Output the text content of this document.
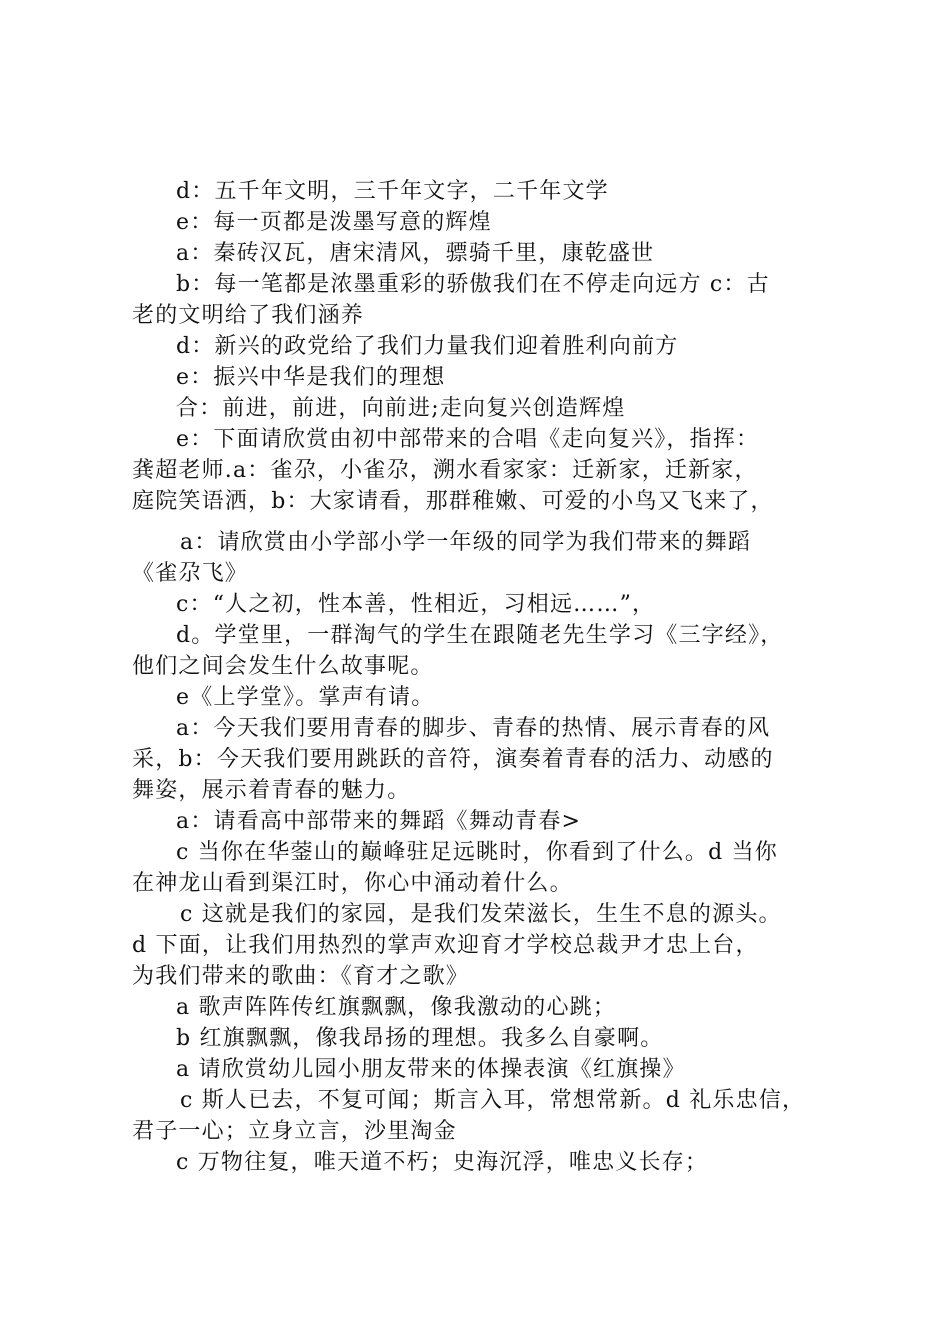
d：五千年文明，三千年文字，二千年文学
e：每一页都是泼墨写意的辉煌
a：秦砖汉瓦，唐宋清风，骠骑千里，康乾盛世
b：每一笔都是浓墨重彩的骄傲我们在不停走向远方 c：古
老的文明给了我们涵养
d：新兴的政党给了我们力量我们迎着胜利向前方
e：振兴中华是我们的理想
合：前进，前进，向前进;走向复兴创造辉煌
e：下面请欣赏由初中部带来的合唱《走向复兴》，指挥：
龚超老师.a：雀尕，小雀尕，溯水看家家：迁新家，迁新家，
庭院笑语洒，b：大家请看，那群稚嫩、可爱的小鸟又飞来了，
a：请欣赏由小学部小学一年级的同学为我们带来的舞蹈
《雀尕飞》
c：“人之初，性本善，性相近，习相远……”，
d。学堂里，一群淘气的学生在跟随老先生学习《三字经》，
他们之间会发生什么故事呢。
e《上学堂》。掌声有请。
a：今天我们要用青春的脚步、青春的热情、展示青春的风
采，b：今天我们要用跳跃的音符，演奏着青春的活力、动感的
舞姿，展示着青春的魅力。
a：请看高中部带来的舞蹈《舞动青春>
c 当你在华蓥山的巅峰驻足远眺时，你看到了什么。d 当你
在神龙山看到渠江时，你心中涌动着什么。
c 这就是我们的家园，是我们发荣滋长，生生不息的源头。
d 下面，让我们用热烈的掌声欢迎育才学校总裁尹才忠上台，
为我们带来的歌曲：《育才之歌》
a 歌声阵阵传红旗飘飘，像我激动的心跳；
b 红旗飘飘，像我昂扬的理想。我多么自豪啊。
a 请欣赏幼儿园小朋友带来的体操表演《红旗操》
c 斯人已去，不复可闻；斯言入耳，常想常新。d 礼乐忠信，
君子一心；立身立言，沙里淘金
c 万物往复，唯天道不朽；史海沉浮，唯忠义长存；
